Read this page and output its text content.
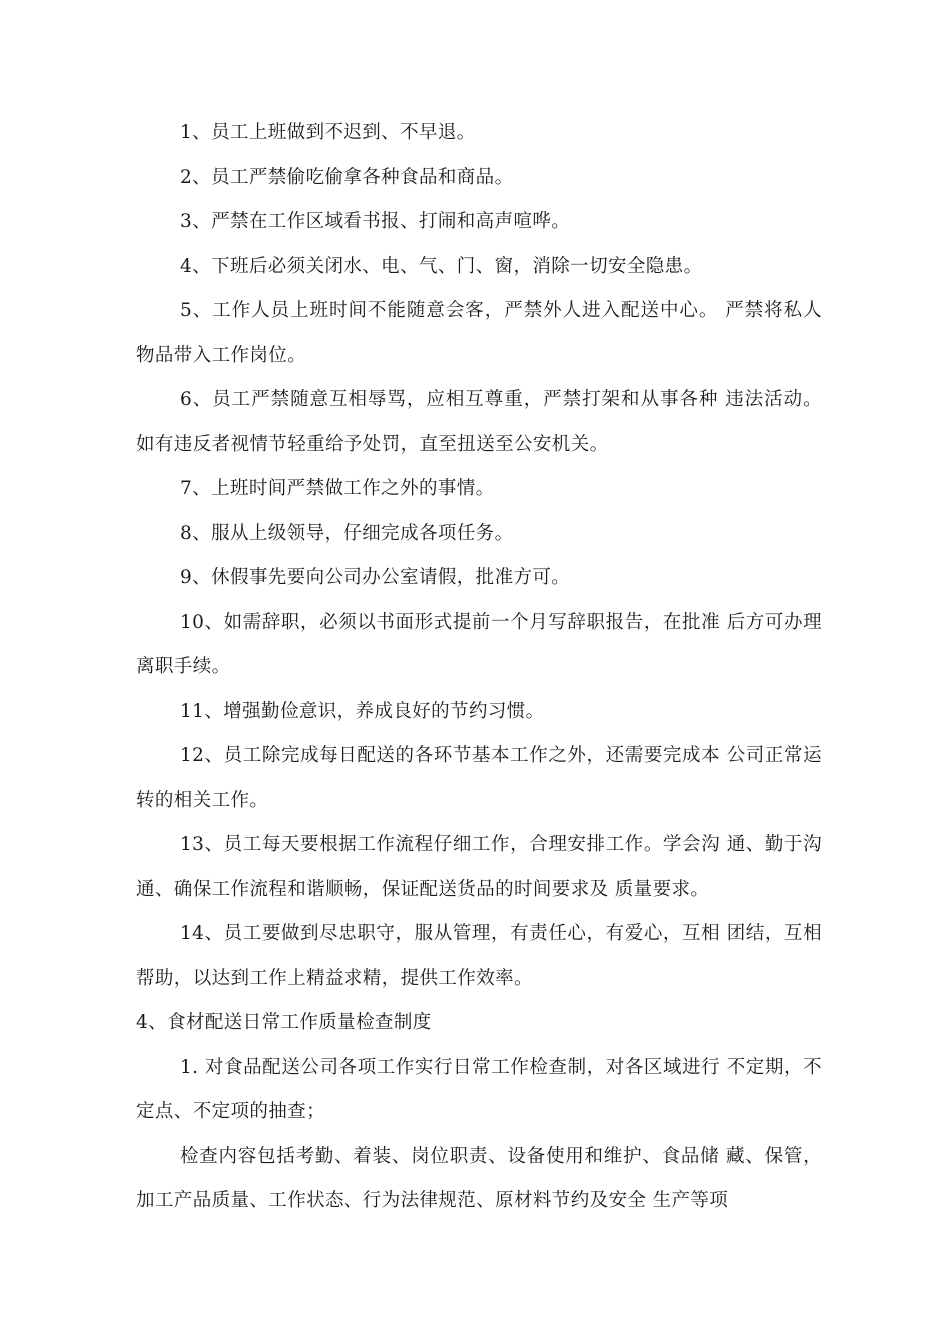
1、员工上班做到不迟到、不早退。

2、员工严禁偷吃偷拿各种食品和商品。

3、严禁在工作区域看书报、打闹和高声喧哗。

4、下班后必须关闭水、电、气、门、窗，消除一切安全隐患。

5、工作人员上班时间不能随意会客，严禁外人进入配送中心。 严禁将私人物品带入工作岗位。

6、员工严禁随意互相辱骂，应相互尊重，严禁打架和从事各种 违法活动。如有违反者视情节轻重给予处罚，直至扭送至公安机关。

7、上班时间严禁做工作之外的事情。

8、服从上级领导，仔细完成各项任务。

9、休假事先要向公司办公室请假，批准方可。

10、如需辞职，必须以书面形式提前一个月写辞职报告，在批准 后方可办理离职手续。

11、增强勤俭意识，养成良好的节约习惯。

12、员工除完成每日配送的各环节基本工作之外，还需要完成本 公司正常运转的相关工作。

13、员工每天要根据工作流程仔细工作，合理安排工作。学会沟 通、勤于沟通、确保工作流程和谐顺畅，保证配送货品的时间要求及 质量要求。

14、员工要做到尽忠职守，服从管理，有责任心，有爱心，互相 团结，互相帮助，以达到工作上精益求精，提供工作效率。

4、食材配送日常工作质量检查制度

1. 对食品配送公司各项工作实行日常工作检查制，对各区域进行 不定期，不定点、不定项的抽查；

检查内容包括考勤、着装、岗位职责、设备使用和维护、食品储 藏、保管，加工产品质量、工作状态、行为法律规范、原材料节约及安全 生产等项
